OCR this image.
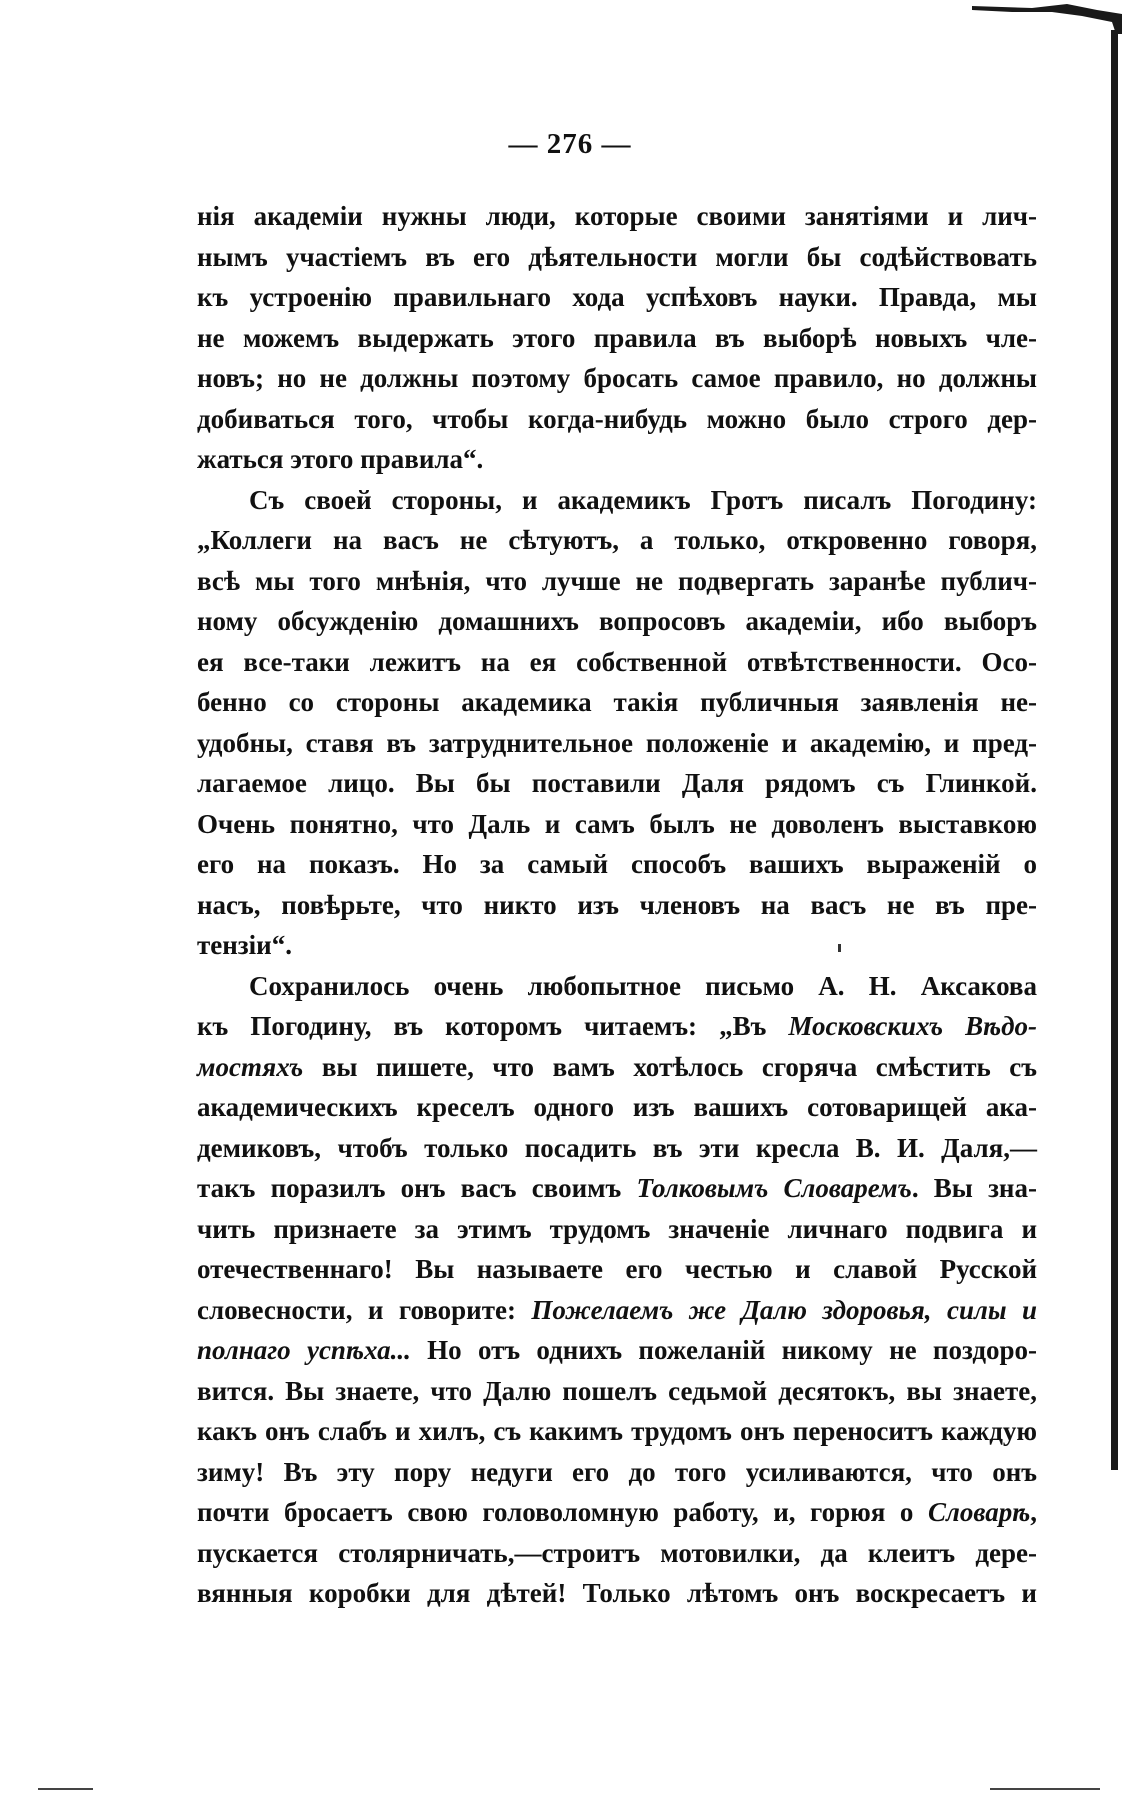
— 276 —
нія академіи нужны люди, которые своими занятіями и лич-
нымъ участіемъ въ его дѣятельности могли бы содѣйствовать
къ устроенію правильнаго хода успѣховъ науки. Правда, мы
не можемъ выдержать этого правила въ выборѣ новыхъ чле-
новъ; но не должны поэтому бросать самое правило, но должны
добиваться того, чтобы когда-нибудь можно было строго дер-
жаться этого правила“.
Съ своей стороны, и академикъ Гротъ писалъ Погодину:
„Коллеги на васъ не сѣтуютъ, а только, откровенно говоря,
всѣ мы того мнѣнія, что лучше не подвергать заранѣе публич-
ному обсужденію домашнихъ вопросовъ академіи, ибо выборъ
ея все-таки лежитъ на ея собственной отвѣтственности. Осо-
бенно со стороны академика такія публичныя заявленія не-
удобны, ставя въ затруднительное положеніе и академію, и пред-
лагаемое лицо. Вы бы поставили Даля рядомъ съ Глинкой.
Очень понятно, что Даль и самъ былъ не доволенъ выставкою
его на показъ. Но за самый способъ вашихъ выраженій о
насъ, повѣрьте, что никто изъ членовъ на васъ не въ пре-
тензіи“.
Сохранилось очень любопытное письмо А. Н. Аксакова
къ Погодину, въ которомъ читаемъ: „Въ Московскихъ Вѣдо-
мостяхъ вы пишете, что вамъ хотѣлось сгоряча смѣстить съ
академическихъ креселъ одного изъ вашихъ сотоварищей ака-
демиковъ, чтобъ только посадить въ эти кресла В. И. Даля,—
такъ поразилъ онъ васъ своимъ Толковымъ Словаремъ. Вы зна-
чить признаете за этимъ трудомъ значеніе личнаго подвига и
отечественнаго! Вы называете его честью и славой Русской
словесности, и говорите: Пожелаемъ же Далю здоровья, силы и
полнаго успѣха... Но отъ однихъ пожеланій никому не поздоро-
вится. Вы знаете, что Далю пошелъ седьмой десятокъ, вы знаете,
какъ онъ слабъ и хилъ, съ какимъ трудомъ онъ переноситъ каждую
зиму! Въ эту пору недуги его до того усиливаются, что онъ
почти бросаетъ свою головоломную работу, и, горюя о Словарѣ,
пускается столярничать,—строитъ мотовилки, да клеитъ дере-
вянныя коробки для дѣтей! Только лѣтомъ онъ воскресаетъ и
